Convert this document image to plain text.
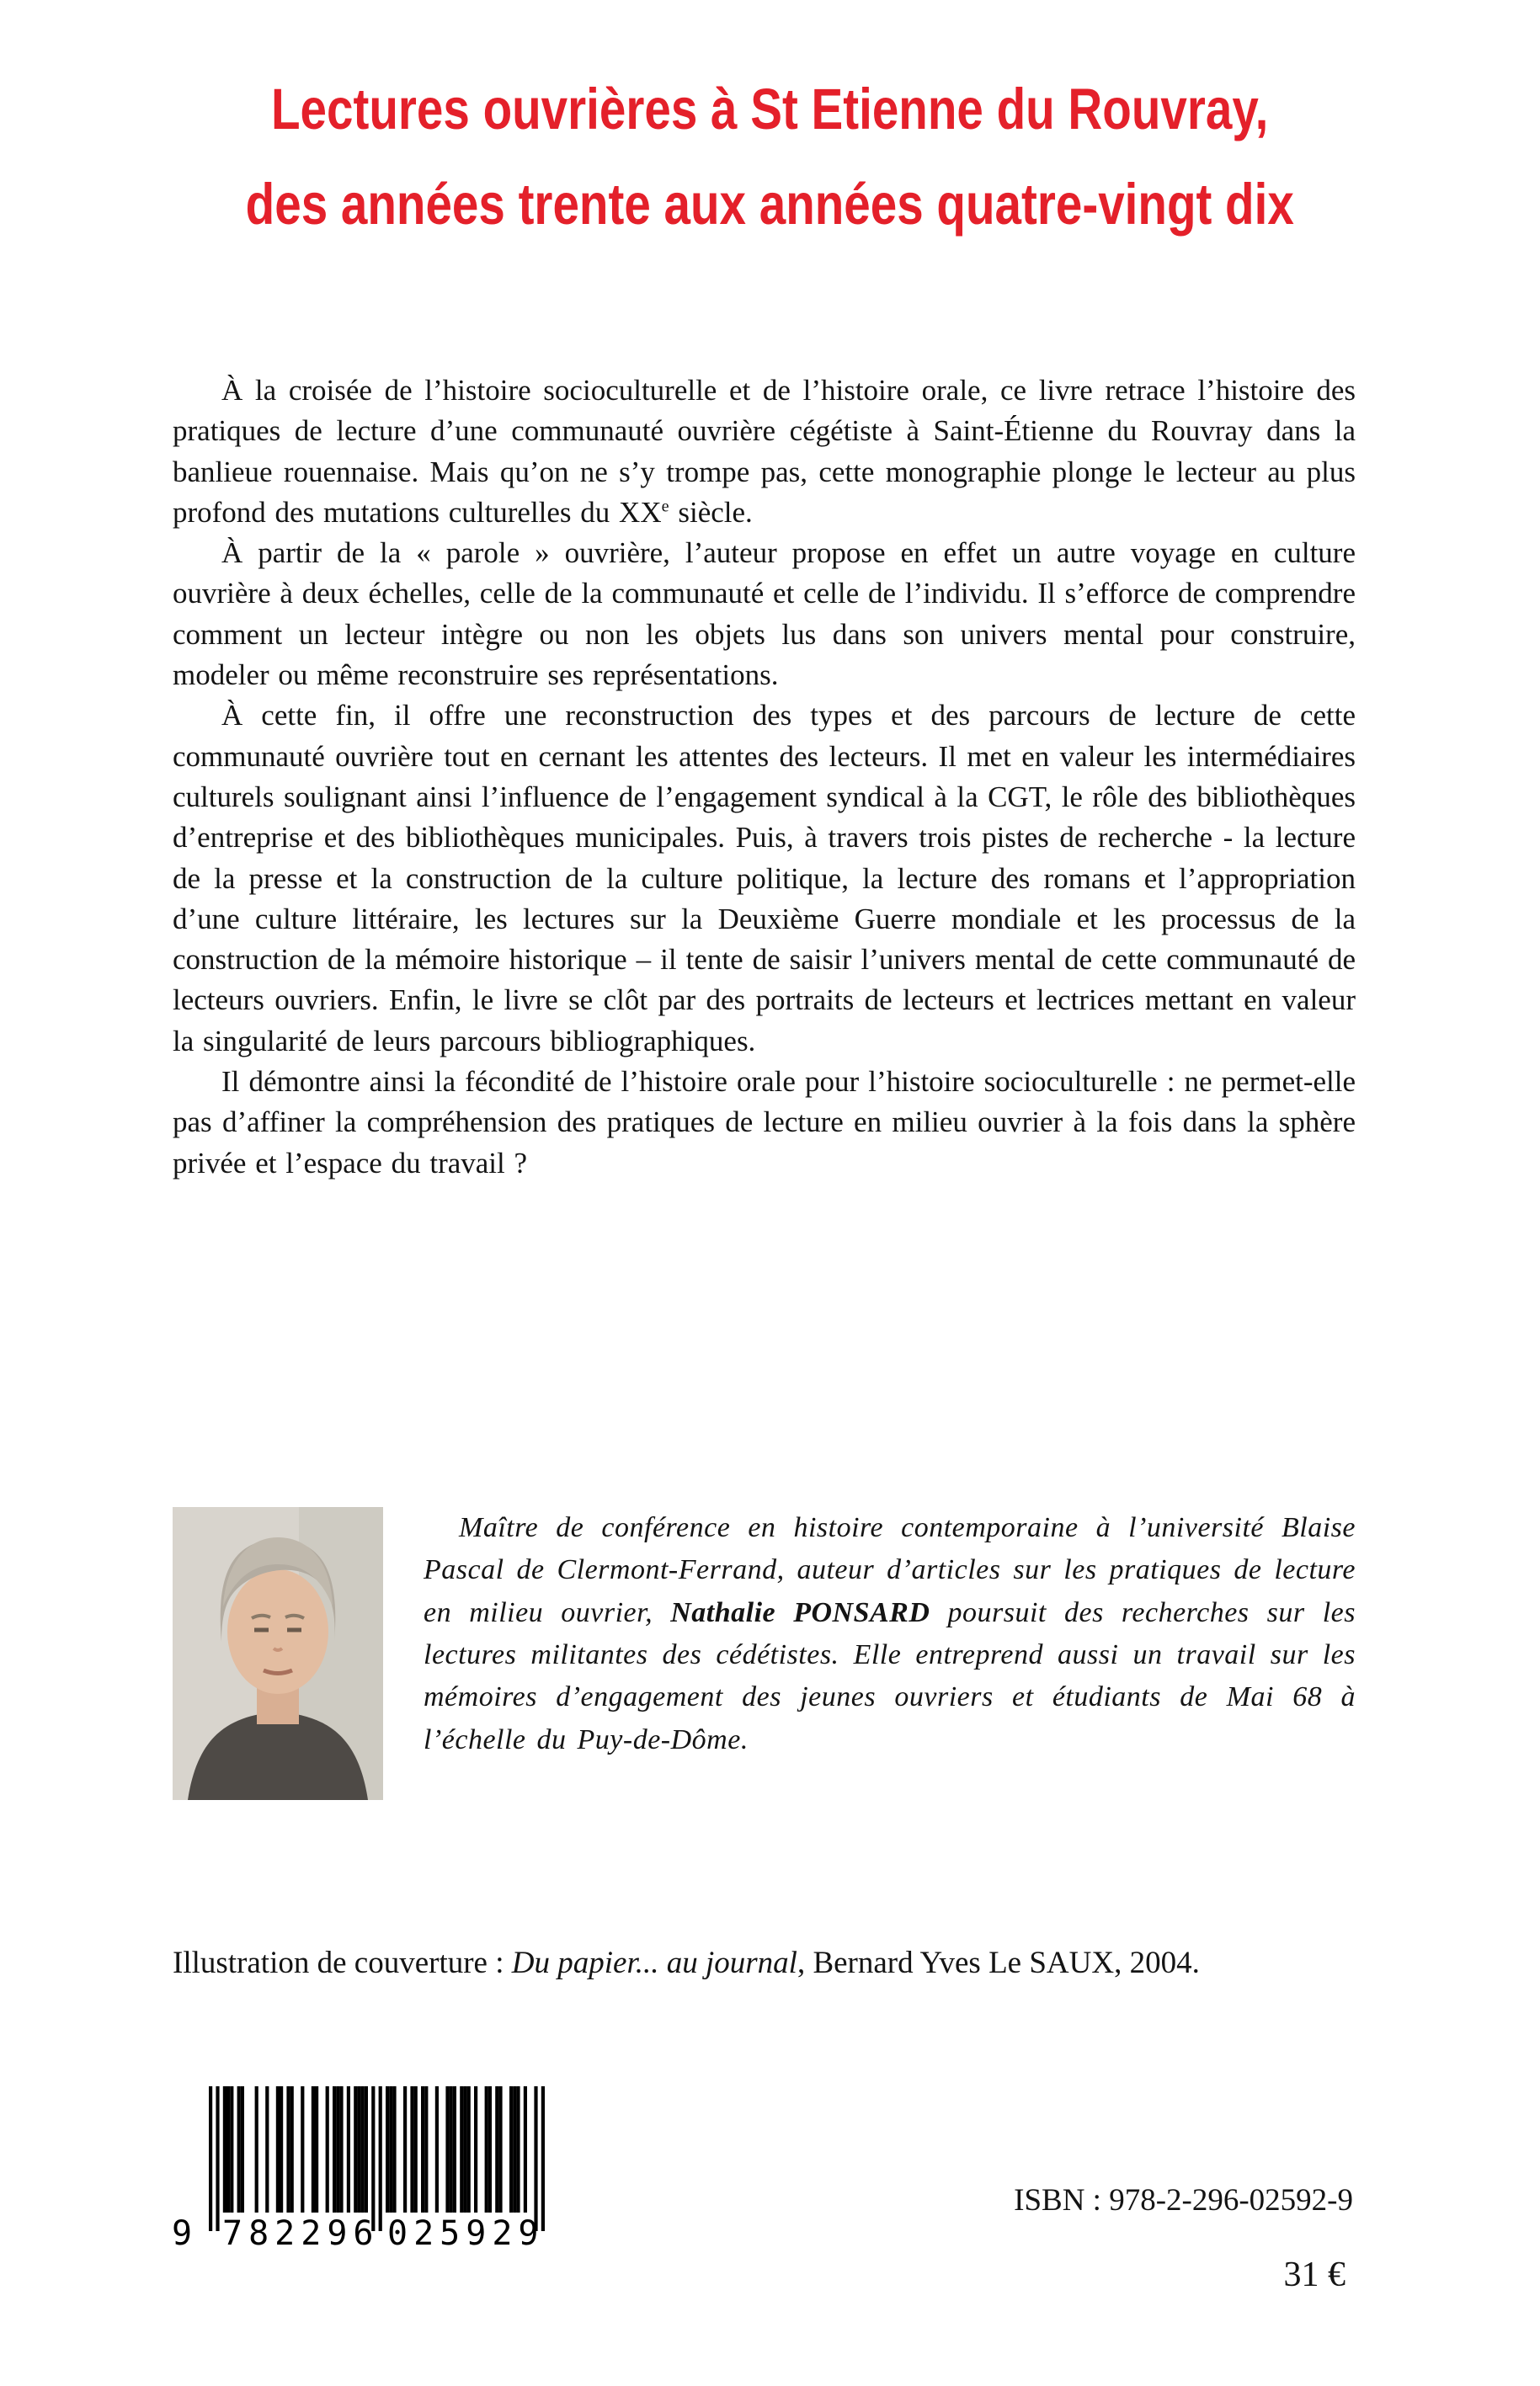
Lectures ouvrières à St Etienne du Rouvray,
des années trente aux années quatre-vingt dix

À la croisée de l’histoire socioculturelle et de l’histoire orale, ce livre retrace l’histoire des pratiques de lecture d’une communauté ouvrière cégétiste à Saint-Étienne du Rouvray dans la banlieue rouennaise. Mais qu’on ne s’y trompe pas, cette monographie plonge le lecteur au plus profond des mutations culturelles du XXe siècle.

À partir de la « parole » ouvrière, l’auteur propose en effet un autre voyage en culture ouvrière à deux échelles, celle de la communauté et celle de l’individu. Il s’efforce de comprendre comment un lecteur intègre ou non les objets lus dans son univers mental pour construire, modeler ou même reconstruire ses représentations.

À cette fin, il offre une reconstruction des types et des parcours de lecture de cette communauté ouvrière tout en cernant les attentes des lecteurs. Il met en valeur les intermédiaires culturels soulignant ainsi l’influence de l’engagement syndical à la CGT, le rôle des bibliothèques d’entreprise et des bibliothèques municipales. Puis, à travers trois pistes de recherche - la lecture de la presse et la construction de la culture politique, la lecture des romans et l’appropriation d’une culture littéraire, les lectures sur la Deuxième Guerre mondiale et les processus de la construction de la mémoire historique – il tente de saisir l’univers mental de cette communauté de lecteurs ouvriers. Enfin, le livre se clôt par des portraits de lecteurs et lectrices mettant en valeur la singularité de leurs parcours bibliographiques.

Il démontre ainsi la fécondité de l’histoire orale pour l’histoire socioculturelle : ne permet-elle pas d’affiner la compréhension des pratiques de lecture en milieu ouvrier à la fois dans la sphère privée et l’espace du travail ?

Maître de conférence en histoire contemporaine à l’université Blaise Pascal de Clermont-Ferrand, auteur d’articles sur les pratiques de lecture en milieu ouvrier, Nathalie PONSARD poursuit des recherches sur les lectures militantes des cédétistes. Elle entreprend aussi un travail sur les mémoires d’engagement des jeunes ouvriers et étudiants de Mai 68 à l’échelle du Puy-de-Dôme.
Illustration de couverture : Du papier... au journal, Bernard Yves Le SAUX, 2004.
9 782296 025929
ISBN : 978-2-296-02592-9
31 €
